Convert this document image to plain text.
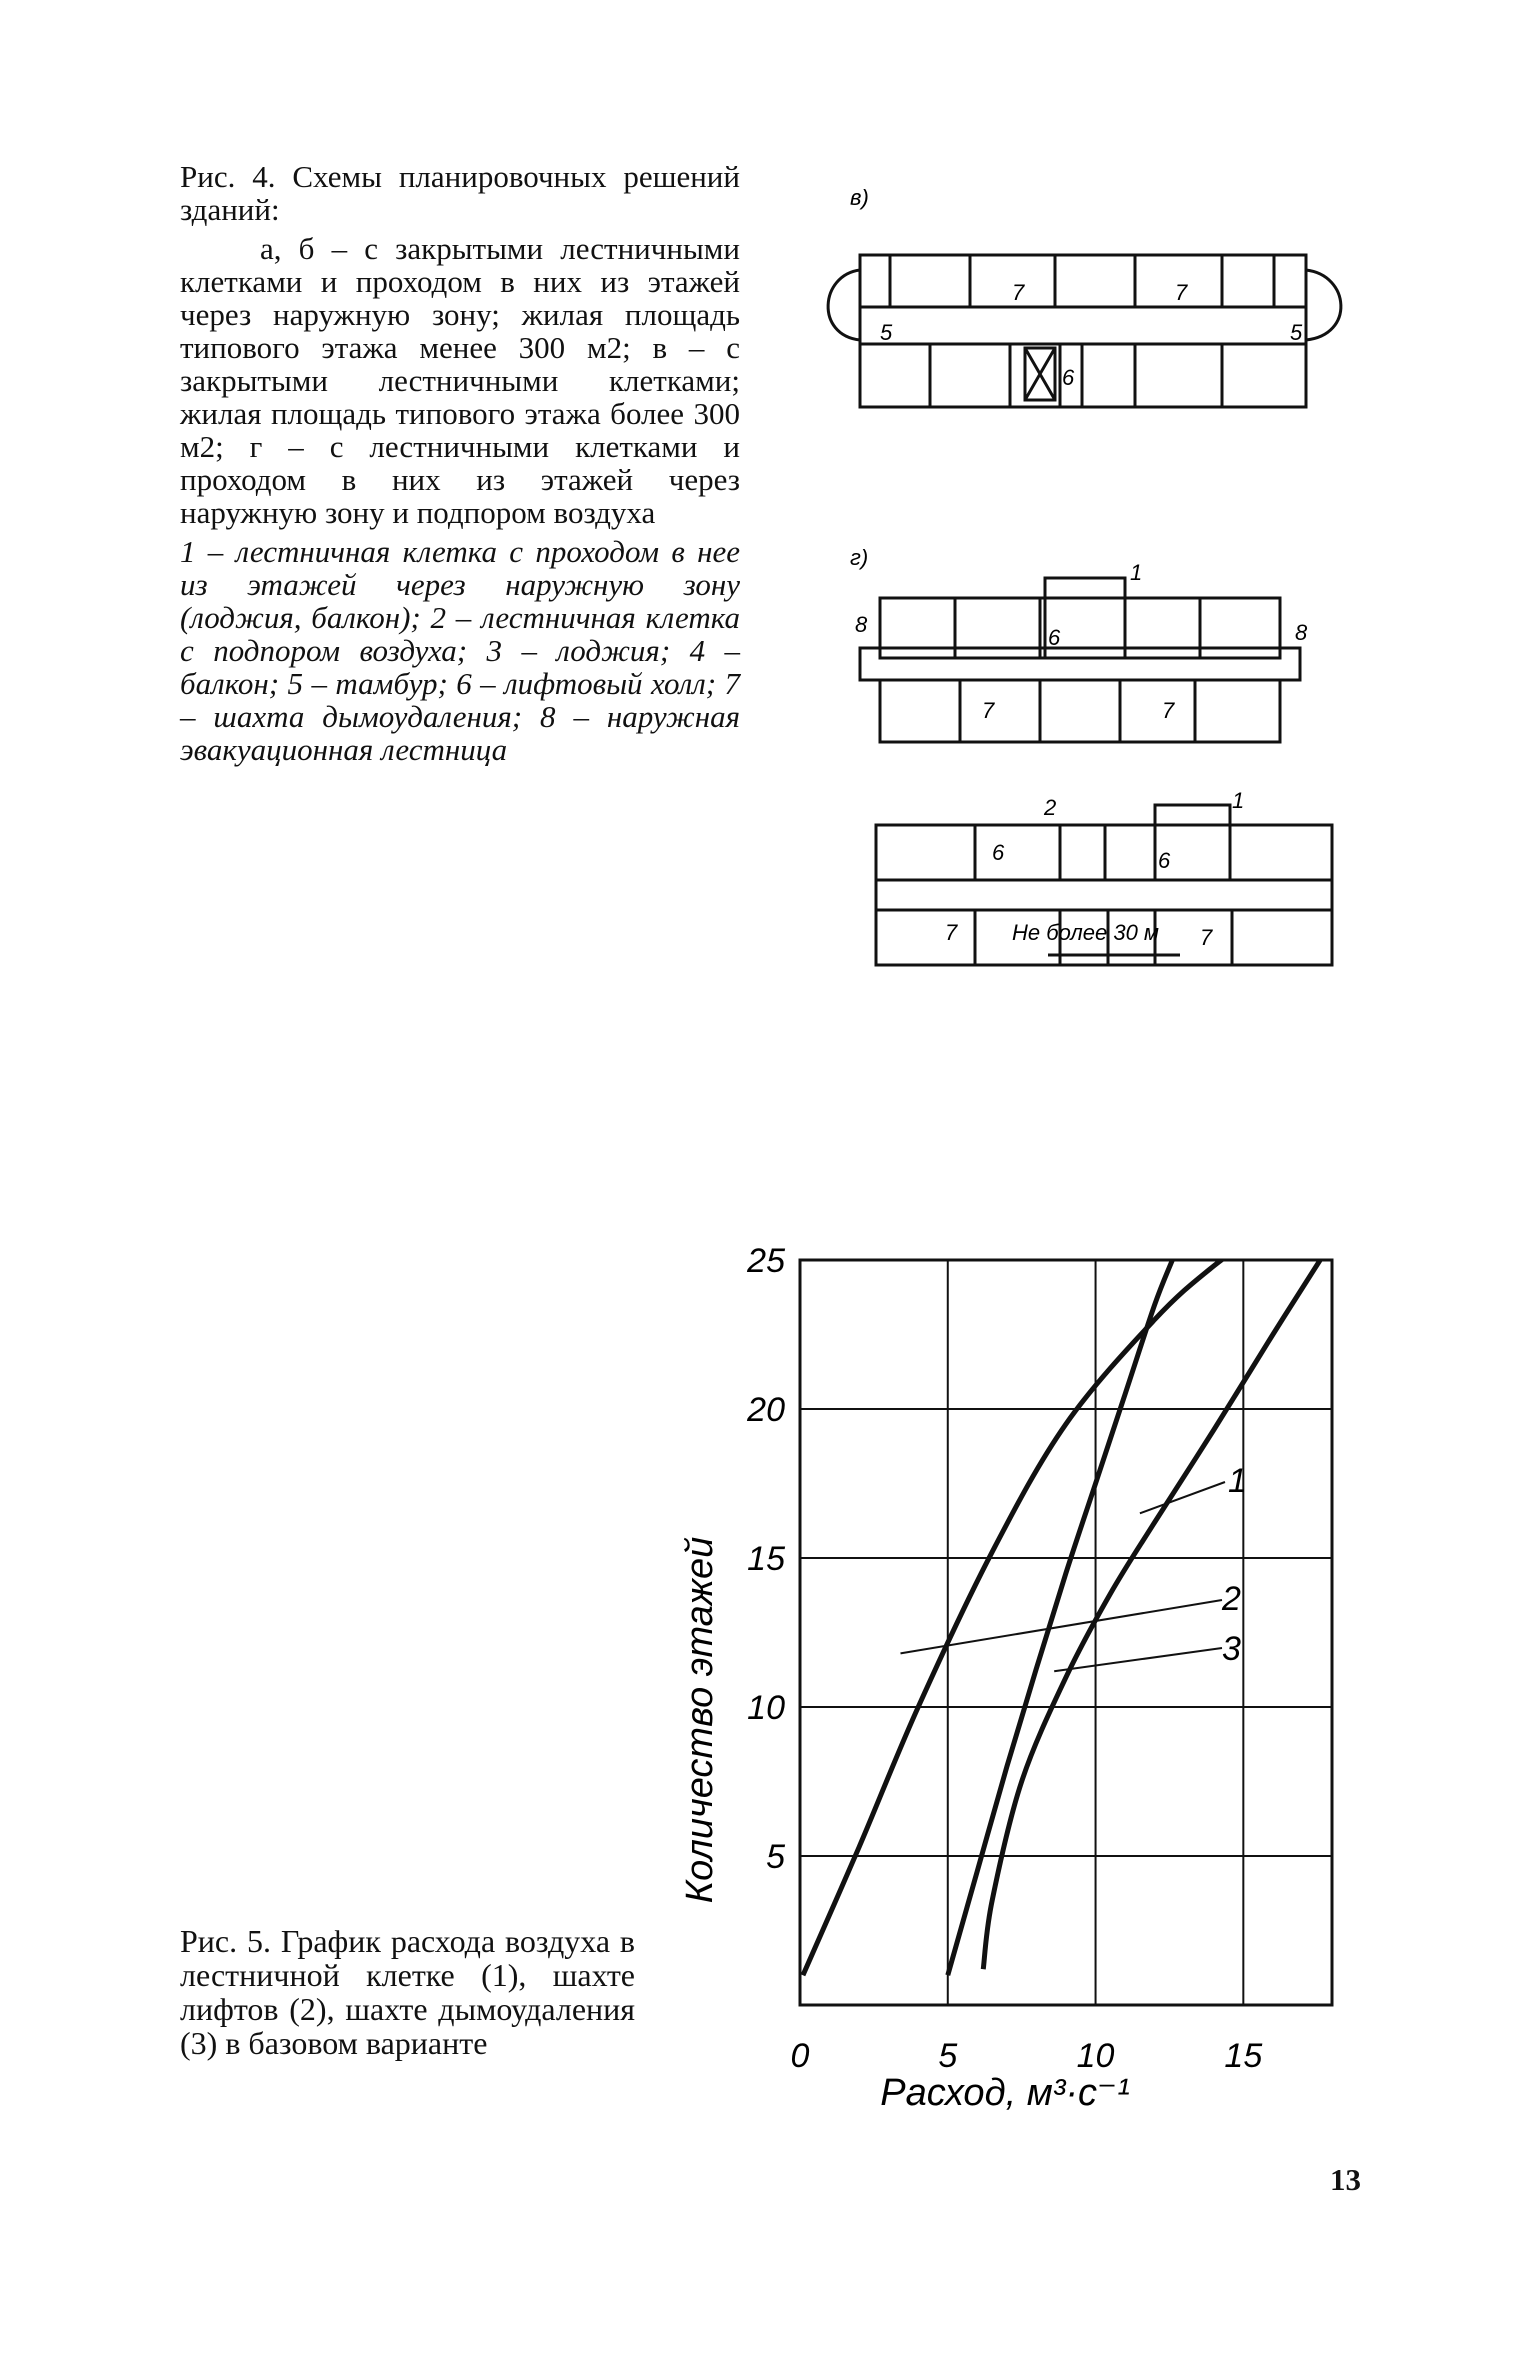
Рис. 4. Схемы планировочных решений зданий:

а, б – с закрытыми лестничными клетками и проходом в них из этажей через наружную зону; жилая площадь типового этажа менее 300 м2; в – с закрытыми лестничными клетками; жилая площадь типового этажа более 300 м2; г – с лестничными клетками и проходом в них из этажей через наружную зону и подпором воздуха

1 – лестничная клетка с проходом в нее из этажей через наружную зону (лоджия, балкон); 2 – лестничная клетка с подпором воздуха; 3 – лоджия; 4 – балкон; 5 – тамбур; 6 – лифтовый холл; 7 – шахта дымоудаления; 8 – наружная эвакуационная лестница

в)
7	7
5	5
6
г)
1
8	8
6
7	7
2	1
6	6
7	7
Не более 30 м
1
2
3
5
10
15
20
25
0	5	10	15
Количество этажей
Расход, м³·с⁻¹

Рис. 5. График расхода воздуха в лестничной клетке (1), шахте лифтов (2), шахте дымоудаления (3) в базовом варианте

13
